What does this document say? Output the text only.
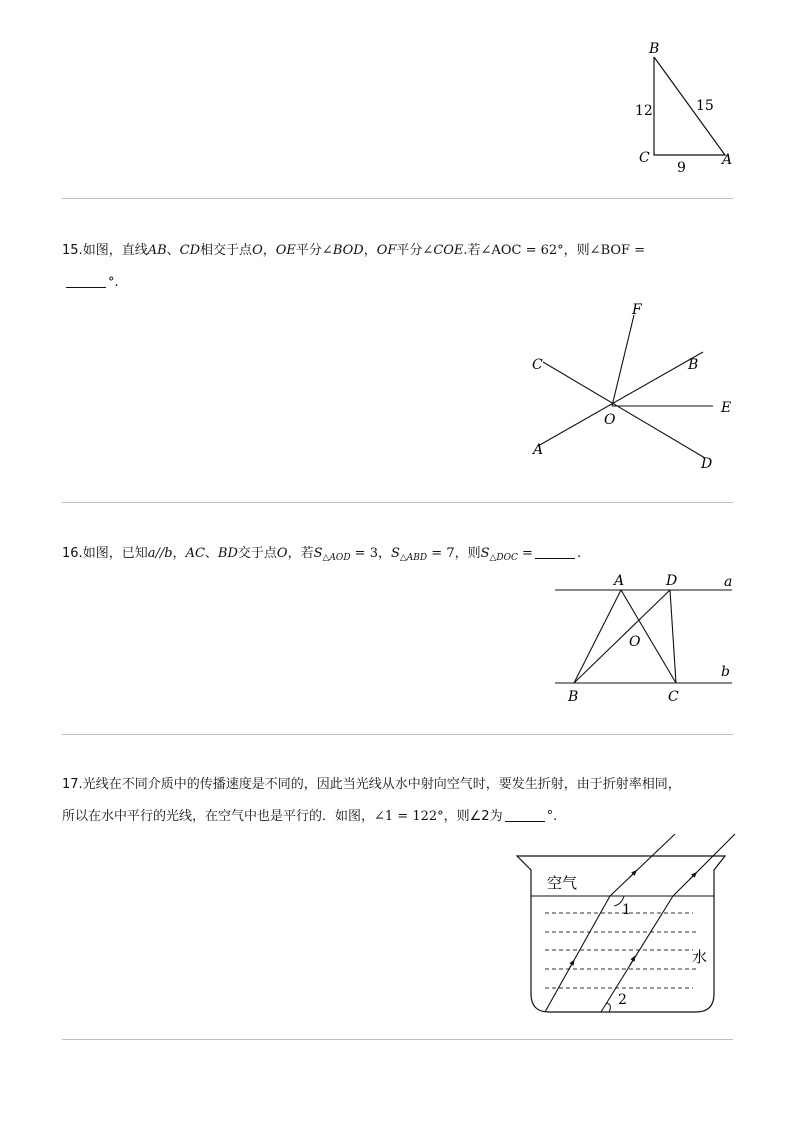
B
C	A
12	15
9
15.如图，直线AB、CD相交于点O，OE平分∠BOD，OF平分∠COE.若∠AOC = 62°，则∠BOF =
°.
F
C	B
E
O
A
D
16.如图，已知a//b，AC、BD交于点O，若$S_{\triangle AOD} = 3$，$S_{\triangle ABD} = 7$，则$S_{\triangle DOC}$ =	.
A	D	a
O
b
B	C
17.光线在不同介质中的传播速度是不同的，因此当光线从水中射向空气时，要发生折射，由于折射率相同，
所以在水中平行的光线，在空气中也是平行的．如图，∠1 = 122°，则∠2为	°.
空气
水
1
2
